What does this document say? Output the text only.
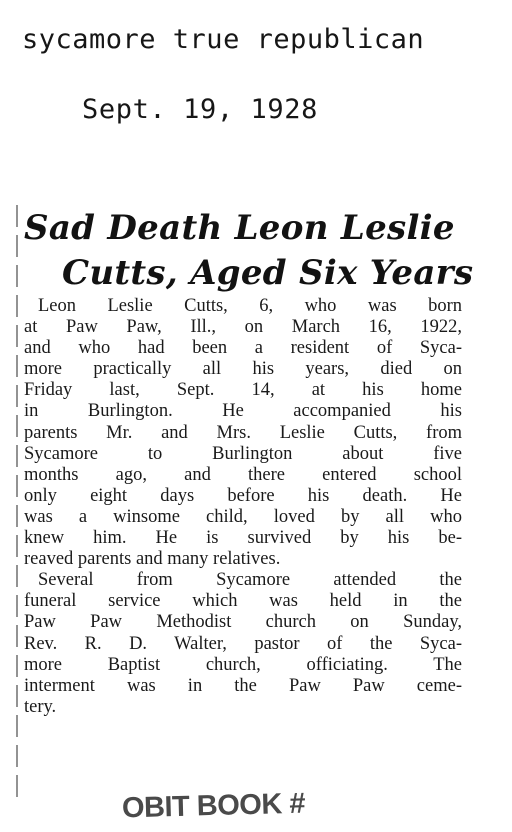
sycamore true republican
Sept. 19, 1928
Sad Death Leon Leslie
Cutts, Aged Six Years
Leon Leslie Cutts, 6, who was born
at Paw Paw, Ill., on March 16, 1922,
and who had been a resident of Syca-
more practically all his years, died on
Friday last, Sept. 14, at his home
in Burlington. He accompanied his
parents Mr. and Mrs. Leslie Cutts, from
Sycamore to Burlington about five
months ago, and there entered school
only eight days before his death. He
was a winsome child, loved by all who
knew him. He is survived by his be-
reaved parents and many relatives.
Several from Sycamore attended the
funeral service which was held in the
Paw Paw Methodist church on Sunday,
Rev. R. D. Walter, pastor of the Syca-
more Baptist church, officiating. The
interment was in the Paw Paw ceme-
tery.
OBIT BOOK #
